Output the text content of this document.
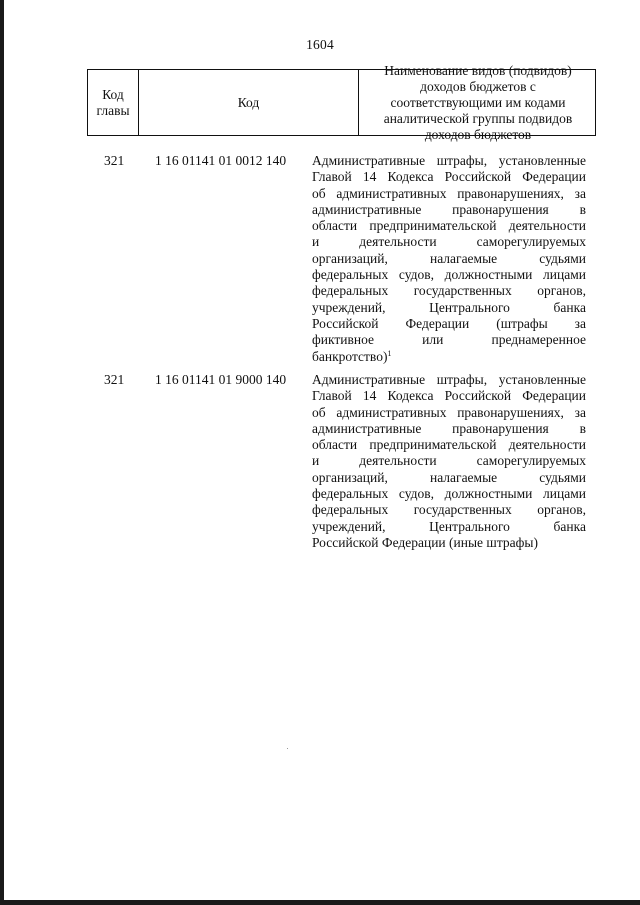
1604
Код главы
Код
Наименование видов (подвидов) доходов бюджетов с соответствующими им кодами аналитической группы подвидов доходов бюджетов
321 1 16 01141 01 0012 140 Административные штрафы, установленные
Главой 14 Кодекса Российской Федерации
об административных правонарушениях, за
административные правонарушения в
области предпринимательской деятельности
и деятельности саморегулируемых
организаций, налагаемые судьями
федеральных судов, должностными лицами
федеральных государственных органов,
учреждений, Центрального банка
Российской Федерации (штрафы за
фиктивное или преднамеренное
банкротство)$^1$
321 1 16 01141 01 9000 140 Административные штрафы, установленные
Главой 14 Кодекса Российской Федерации
об административных правонарушениях, за
административные правонарушения в
области предпринимательской деятельности
и деятельности саморегулируемых
организаций, налагаемые судьями
федеральных судов, должностными лицами
федеральных государственных органов,
учреждений, Центрального банка
Российской Федерации (иные штрафы)
